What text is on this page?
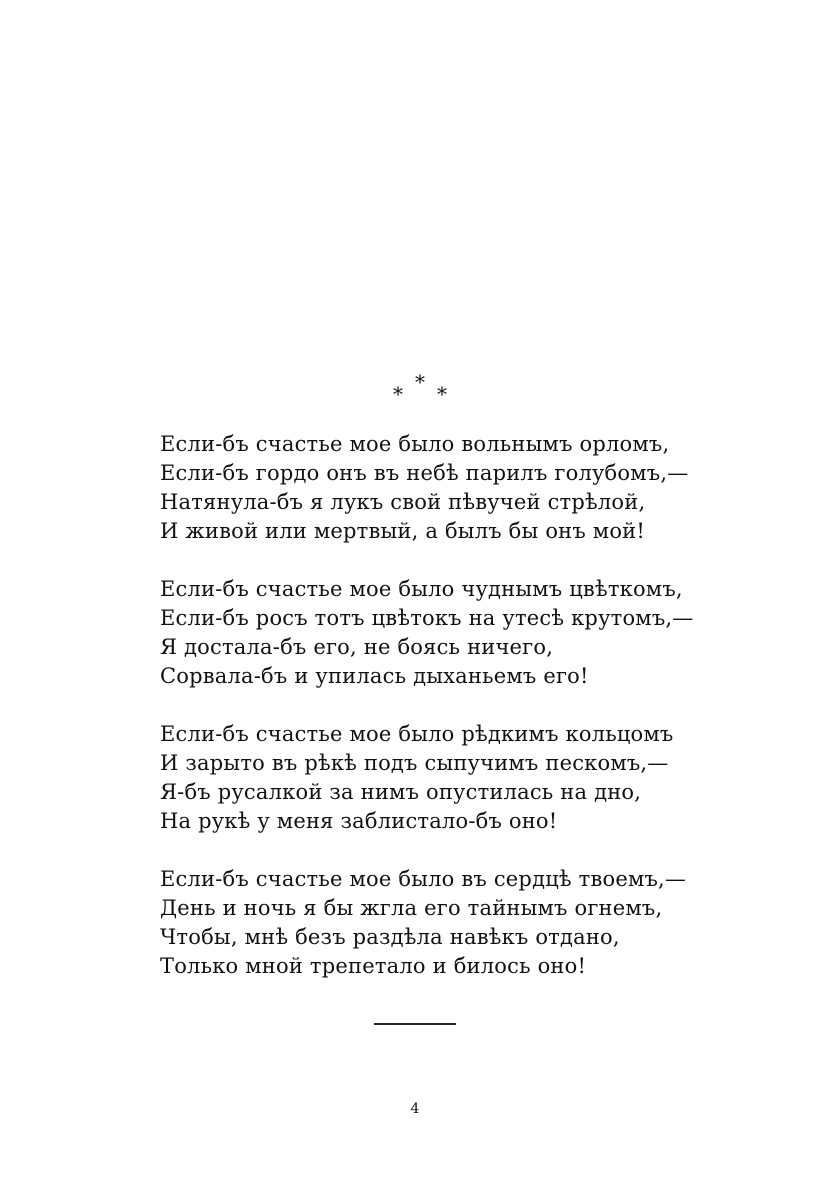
* * *
Если-бъ счастье мое было вольнымъ орломъ,
Если-бъ гордо онъ въ небѣ парилъ голубомъ,—
Натянула-бъ я лукъ свой пѣвучей стрѣлой,
И живой или мертвый, а былъ бы онъ мой!
Если-бъ счастье мое было чуднымъ цвѣткомъ,
Если-бъ росъ тотъ цвѣтокъ на утесѣ крутомъ,—
Я достала-бъ его, не боясь ничего,
Сорвала-бъ и упилась дыханьемъ его!
Если-бъ счастье мое было рѣдкимъ кольцомъ
И зарыто въ рѣкѣ подъ сыпучимъ пескомъ,—
Я-бъ русалкой за нимъ опустилась на дно,
На рукѣ у меня заблистало-бъ оно!
Если-бъ счастье мое было въ сердцѣ твоемъ,—
День и ночь я бы жгла его тайнымъ огнемъ,
Чтобы, мнѣ безъ раздѣла навѣкъ отдано,
Только мной трепетало и билось оно!
4
